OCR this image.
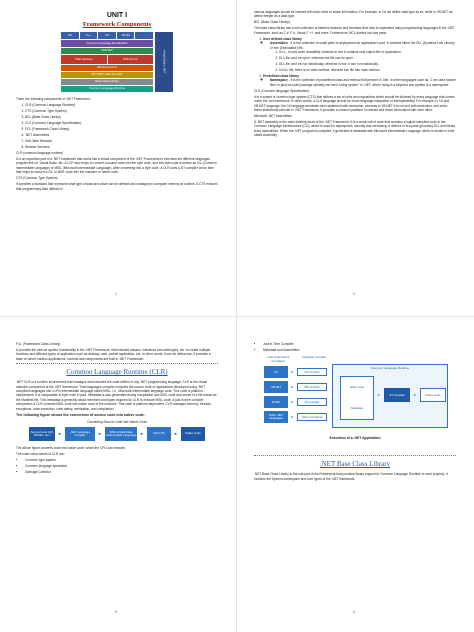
UNIT I
Framework Components
VB	C++	C#	JScript	...
Common Language Specification
ASP.NET
Web Services	Web Forms
Windows Forms
ADO.NET: Data and XML
Base Class Library
Common Language Runtime
Visual Studio .NET

There are following components of .NET Framework:

1. CLR (Common Language Runtime)
2. CTS (Common Type System)
3. BCL (Base Class Library)
4. CLS (Common Language Specification)
5. FCL (Framework Class Library)
6. .NET Assemblies
7. XML Web Services
8. Window Services

CLR (common language runtime)

It is an important part of a .NET framework that works like a virtual component of the .NET Framework to executes the different languages program like c#, Visual Basic, etc. A CLR also helps to convert a source code into the byte code, and this byte code is known as CIL (Common Intermediate Language) or MSIL (Microsoft Intermediate Language). After converting into a byte code, a CLR uses a JIT compiler at run time that helps to convert a CIL or MSIL code into the machine or native code.

CTS (Common Type System)

It specifies a standard that represent what type of data and value can be defined and managed in computer memory at runtime. A CTS ensures that programming data defined in

1

various languages should be interact with each other to share information. For example, in C# we define data type as int, while in VB.NET we define integer as a data type.

BCL (Base Class Library)

The base class library has a rich collection of libraries features and functions that help to implement many programming languages in the .NET Framework, such as C #, F #, Visual C ++, and more. Furthermore, BCL divides into two parts:

1. User defined class library
◦ Assemblies - It is the collection of small parts of deployment an application's part. It contains either the DLL (Dynamic Link Library) or exe (Executable) file.
1. In LL, it uses code reusability, whereas in exe it contains only output file/ or application.
2. DLL file can't be open, whereas exe file can be open.
3. DLL file can't be run individually, whereas in exe, it can run individually.
4. In DLL file, there is no main method, whereas exe file has main method.
2. Predefined class library
◦ Namespace - It is the collection of predefined class and method that present in .Net. In other languages such as, C we used header files, in java we used package similarly we used "using system" in .NET, where using is a keyword and system is a namespace.

CLS (Common language Specification)

It is a subset of common type system (CTS) that defines a set of rules and regulations which should be followed by every language that comes under the .net framework. In other words, a CLS language should be cross-language integration or interoperability. For example, in C# and VB.NET language, the C# language terminate each statement with semicolon, whereas in VB.NET it is not end with semicolon, and when these statements execute in .NET Framework, it provides a common platform to interact and share information with each other.

Microsoft .NET Assemblies

A .NET assembly is the main building block of the .NET Framework. It is a small unit of code that contains a logical compiled code in the Common Language infrastructure (CLI), which is used for deployment, security and versioning. It defines in two parts (process) DLL and library (exe) assemblies. When the .NET program is compiled, it generates a metadata with Microsoft Intermediate Language, which is stored in a file called Assembly.

2

FCL (Framework Class Library)

It provides the various system functionality in the .NET Framework, that includes classes, interfaces and data types, etc. to create multiple functions and different types of application such as desktop, web, mobile application, etc. In other words, it can be defined as, it provides a base on which various applications, controls and components are built in .NET Framework.

Common Language Runtime (CLR)

.NET CLR is a runtime environment that manages and executes the code written in any .NET programming language. CLR is the virtual machine component of the .NET framework. That language's compiler compiles the source code of applications developed using .NET compliant languages into CLR's intermediate language called MSIL, i.e., Microsoft intermediate language code. This code is platform-independent. It is comparable to byte code in java. Metadata is also generated during compilation and MSIL code and stored in a file known as the Manifest file. This metadata is generally about members and types required by CLR to execute MSIL code. A just-in-time compiler component of CLR converts MSIL code into native code of the machine. This code is platform-dependent. CLR manages memory, threads, exceptions, code execution, code safety, verification, and compilation.

The following figure shows the conversion of source code into native code.
Converting Source Code Into Native Code
Source Code (C#, VB.NET, etc.)	►	.NET Language Compiler	►	MSIL & Meta Data (Intermediate Language) ►	CLR (JIT)	►	Native Code

The above figure converts code into native code, which the CPU can execute.

The main components of CLR are:

• Common type system
• Common language speciation
• Garbage Collector
3
• Just in Time Compiler
• Metadata and Assemblies
Code (Framework Compliant)
Language Compiler
C#
VB.NET
J#.NET
Other .NET Languages
►
►
►
►
C# Compiler
VB Compiler
J# Compiler
Other Compilers
Common Language Runtime
MSIL Code
Metadata
►	JIT Compiler	►	Native Code
Execution of a .NET Application
.NET Base Class Library

.NET Base Class Library is the sub part of the Framework that provides library support to Common Language Runtime to work properly. It includes the System namespace and core types of the .NET framework.

4
